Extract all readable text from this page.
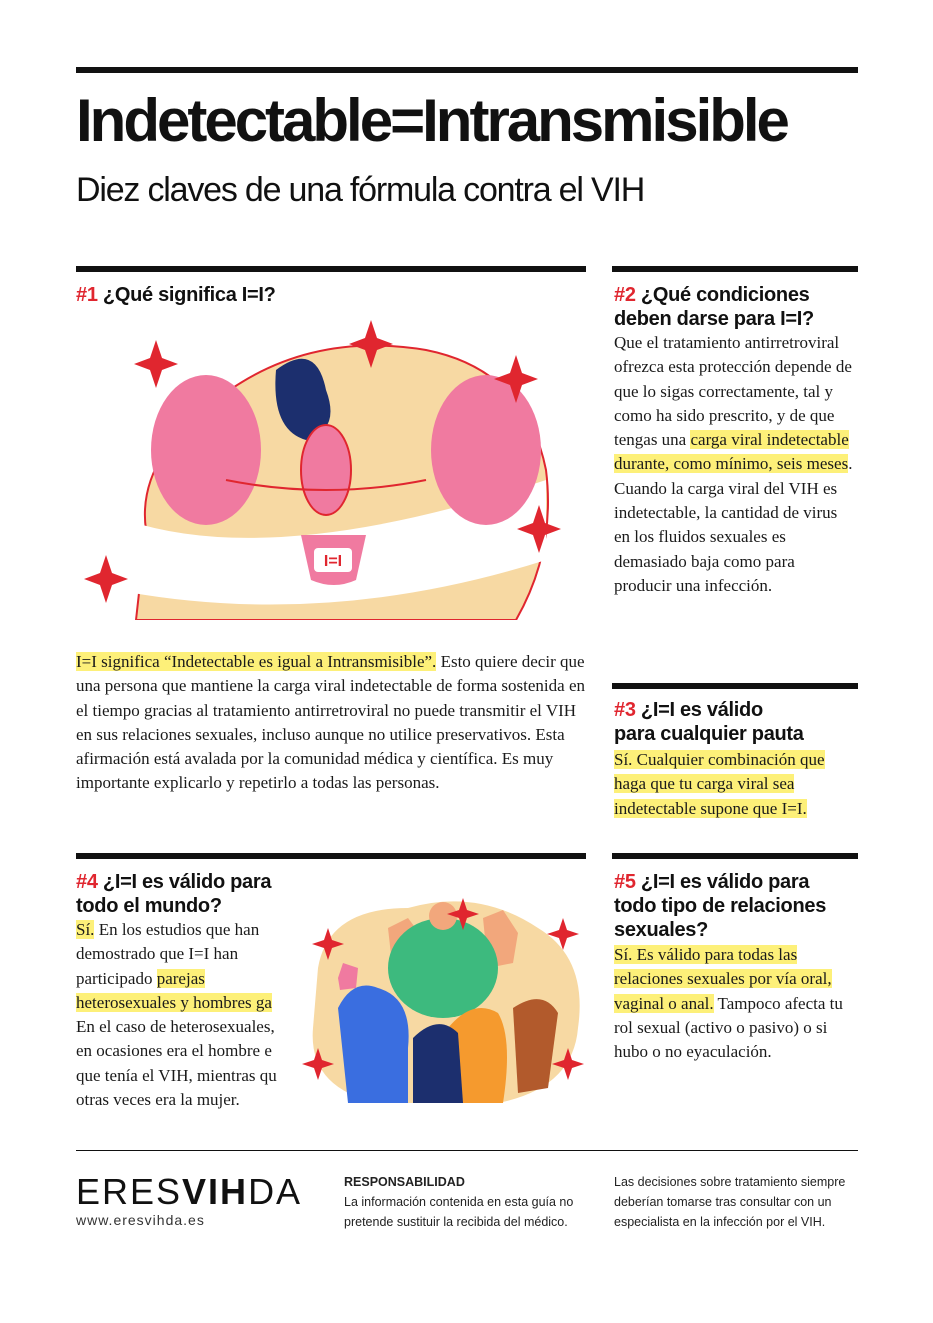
Indetectable=Intransmisible
Diez claves de una fórmula contra el VIH
#1 ¿Qué significa I=I?
I=I
I=I significa “Indetectable es igual a Intransmisible”. Esto quiere decir que una persona que mantiene la carga viral indetectable de forma sostenida en el tiempo gracias al tratamiento antirretroviral no puede transmitir el VIH en sus relaciones sexuales, incluso aunque no utilice preservativos. Esta afirmación está avalada por la comunidad médica y científica. Es muy importante explicarlo y repetirlo a todas las personas.
#2 ¿Qué condiciones
deben darse para I=I?
Que el tratamiento antirretroviral ofrezca esta protección depende de que lo sigas correctamente, tal y como ha sido prescrito, y de que tengas una carga viral indetectable durante, como mínimo, seis meses. Cuando la carga viral del VIH es indetectable, la cantidad de virus en los fluidos sexuales es demasiado baja como para producir una infección.
#3 ¿I=I es válido
para cualquier pauta
Sí. Cualquier combinación que haga que tu carga viral sea indetectable supone que I=I.
#4 ¿I=I es válido para
todo el mundo?
Sí. En los estudios que han demostrado que I=I han participado parejas heterosexuales y hombres ga En el caso de heterosexuales, en ocasiones era el hombre e que tenía el VIH, mientras qu otras veces era la mujer.
#5 ¿I=I es válido para
todo tipo de relaciones
sexuales?
Sí. Es válido para todas las relaciones sexuales por vía oral, vaginal o anal. Tampoco afecta tu rol sexual (activo o pasivo) o si hubo o no eyaculación.
ERESVIHDA
www.eresvihda.es
RESPONSABILIDAD
La información contenida en esta guía no pretende sustituir la recibida del médico.
Las decisiones sobre tratamiento siempre deberían tomarse tras consultar con un especialista en la infección por el VIH.
